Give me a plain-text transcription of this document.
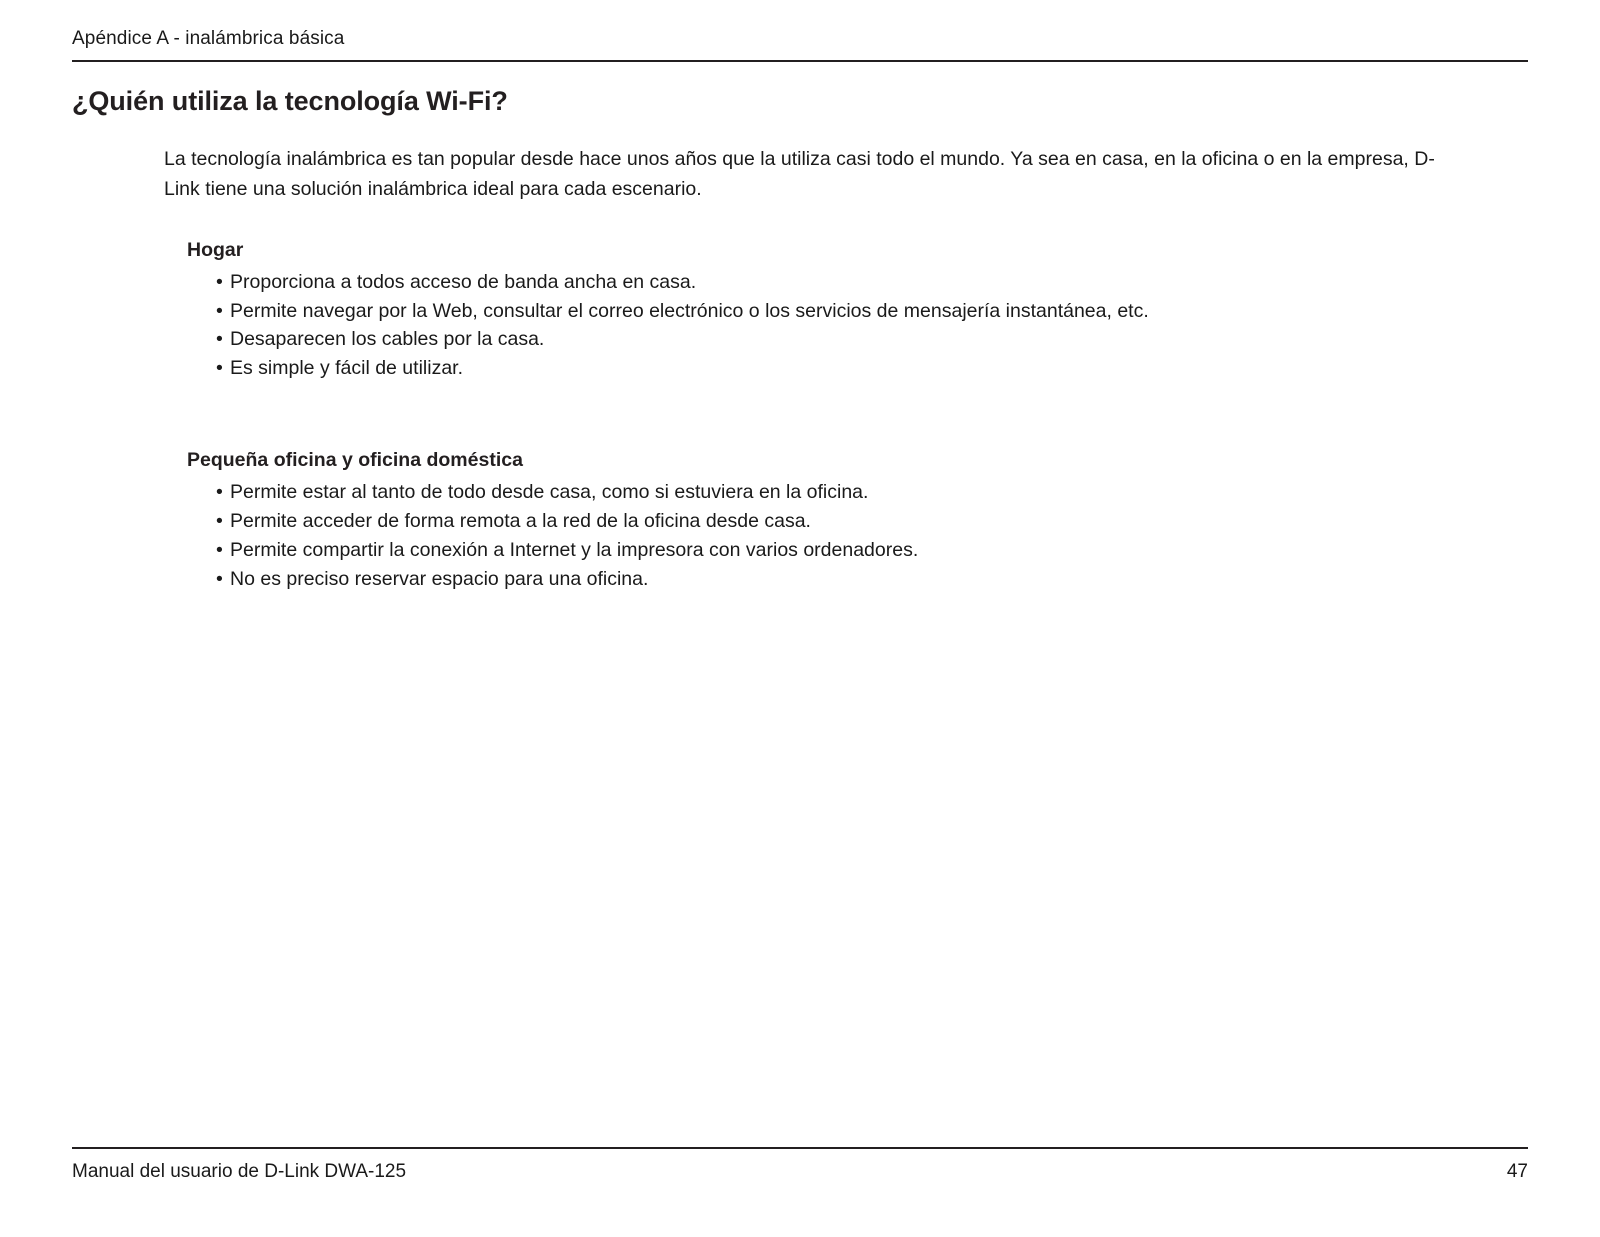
Apéndice A - inalámbrica básica
¿Quién utiliza la tecnología Wi-Fi?

La tecnología inalámbrica es tan popular desde hace unos años que la utiliza casi todo el mundo. Ya sea en casa, en la oficina o en la empresa, D-Link tiene una solución inalámbrica ideal para cada escenario.

Hogar
• Proporciona a todos acceso de banda ancha en casa.
• Permite navegar por la Web, consultar el correo electrónico o los servicios de mensajería instantánea, etc.
• Desaparecen los cables por la casa.
• Es simple y fácil de utilizar.
Pequeña oficina y oficina doméstica
• Permite estar al tanto de todo desde casa, como si estuviera en la oficina.
• Permite acceder de forma remota a la red de la oficina desde casa.
• Permite compartir la conexión a Internet y la impresora con varios ordenadores.
• No es preciso reservar espacio para una oficina.
Manual del usuario de D-Link DWA-125	47
